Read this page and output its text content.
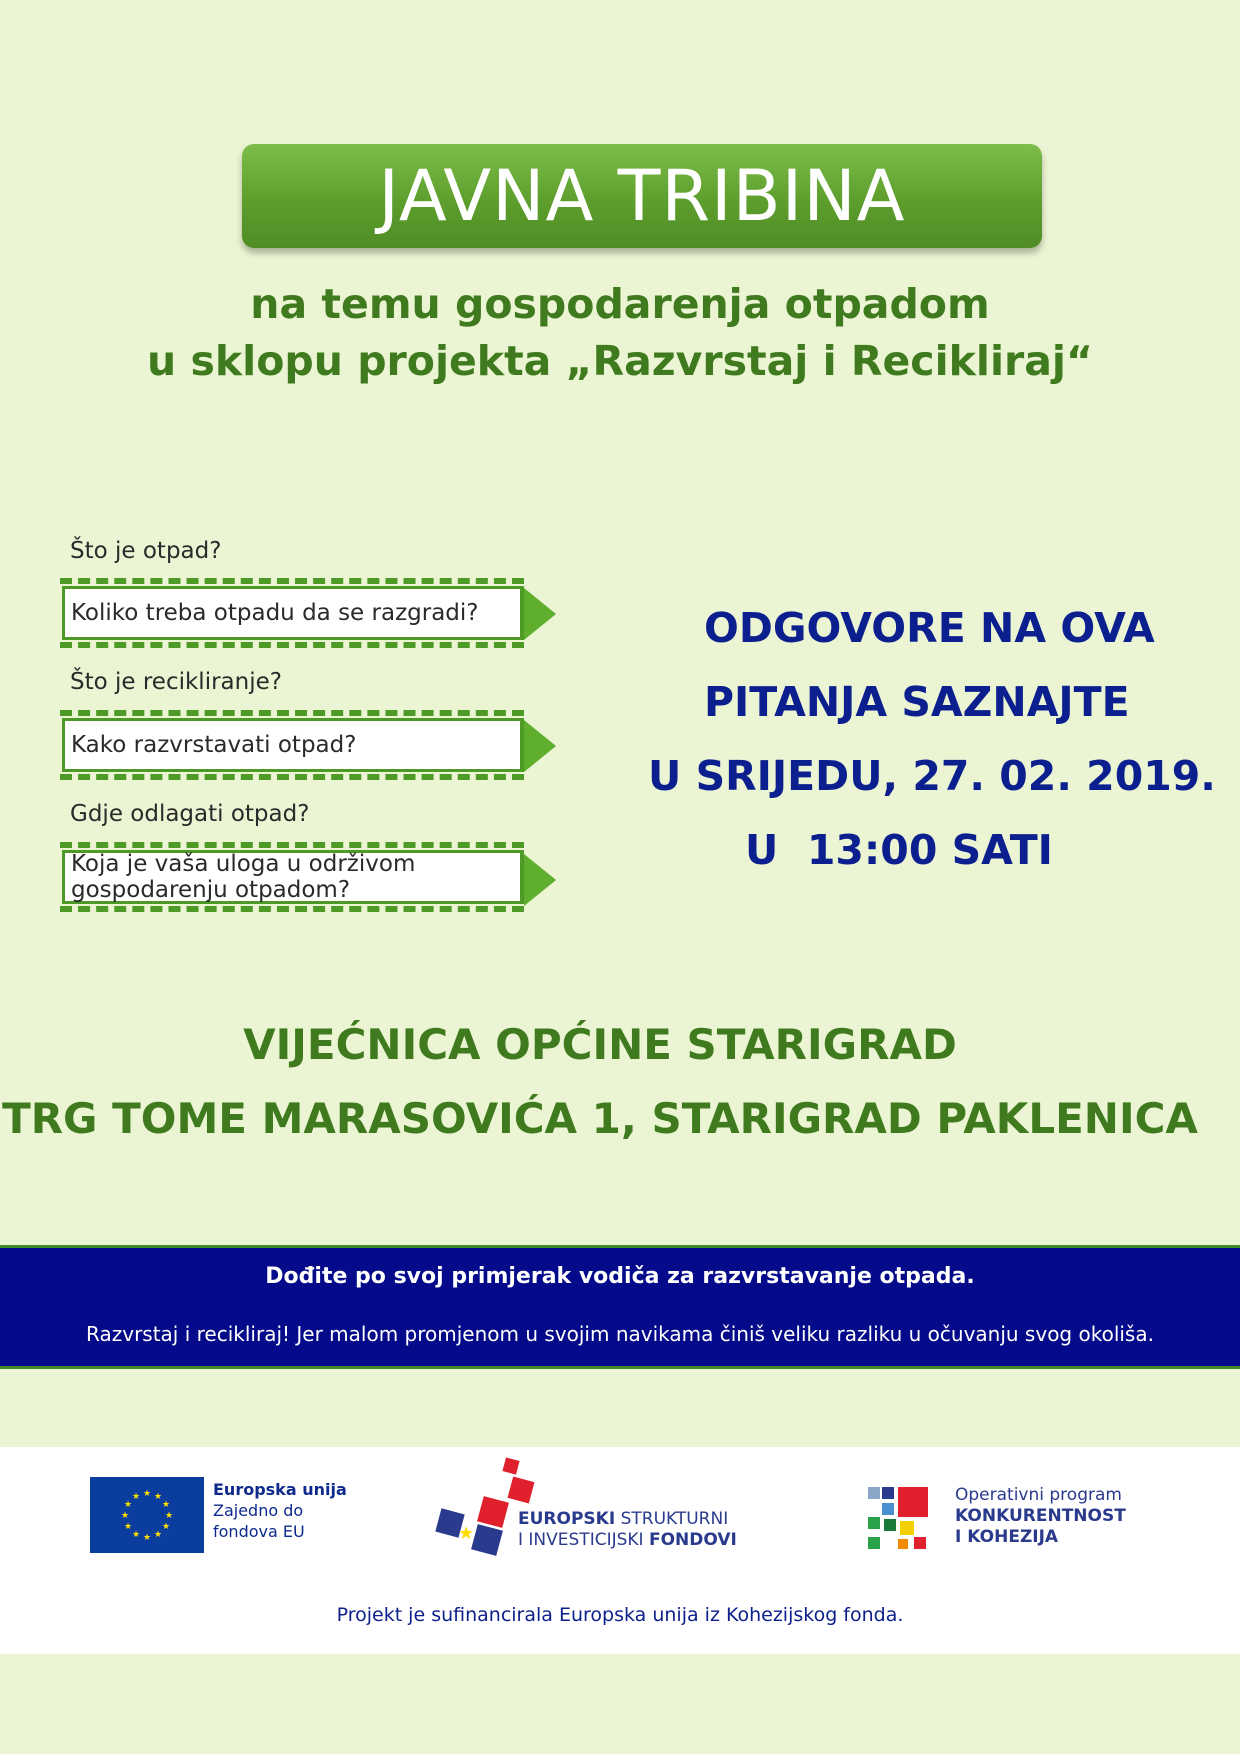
JAVNA TRIBINA
na temu gospodarenja otpadom
u sklopu projekta „Razvrstaj i Recikliraj“
Što je otpad?
Koliko treba otpadu da se razgradi?
Što je recikliranje?
Kako razvrstavati otpad?
Gdje odlagati otpad?
Koja je vaša uloga u održivom gospodarenju otpadom?
ODGOVORE NA OVA
PITANJA SAZNAJTE
U SRIJEDU, 27. 02. 2019.
U  13:00 SATI
VIJEĆNICA OPĆINE STARIGRAD
TRG TOME MARASOVIĆA 1, STARIGRAD PAKLENICA
Dođite po svoj primjerak vodiča za razvrstavanje otpada.
Razvrstaj i recikliraj! Jer malom promjenom u svojim navikama činiš veliku razliku u očuvanju svog okoliša.
★ ★
★
★
★
★
★
★
★
★
★
★	Europska unija
Zajedno do
fondova EU	★
EUROPSKI STRUKTURNI
I INVESTICIJSKI FONDOVI
Operativni program
KONKURENTNOST
I KOHEZIJA
Projekt je sufinancirala Europska unija iz Kohezijskog fonda.
